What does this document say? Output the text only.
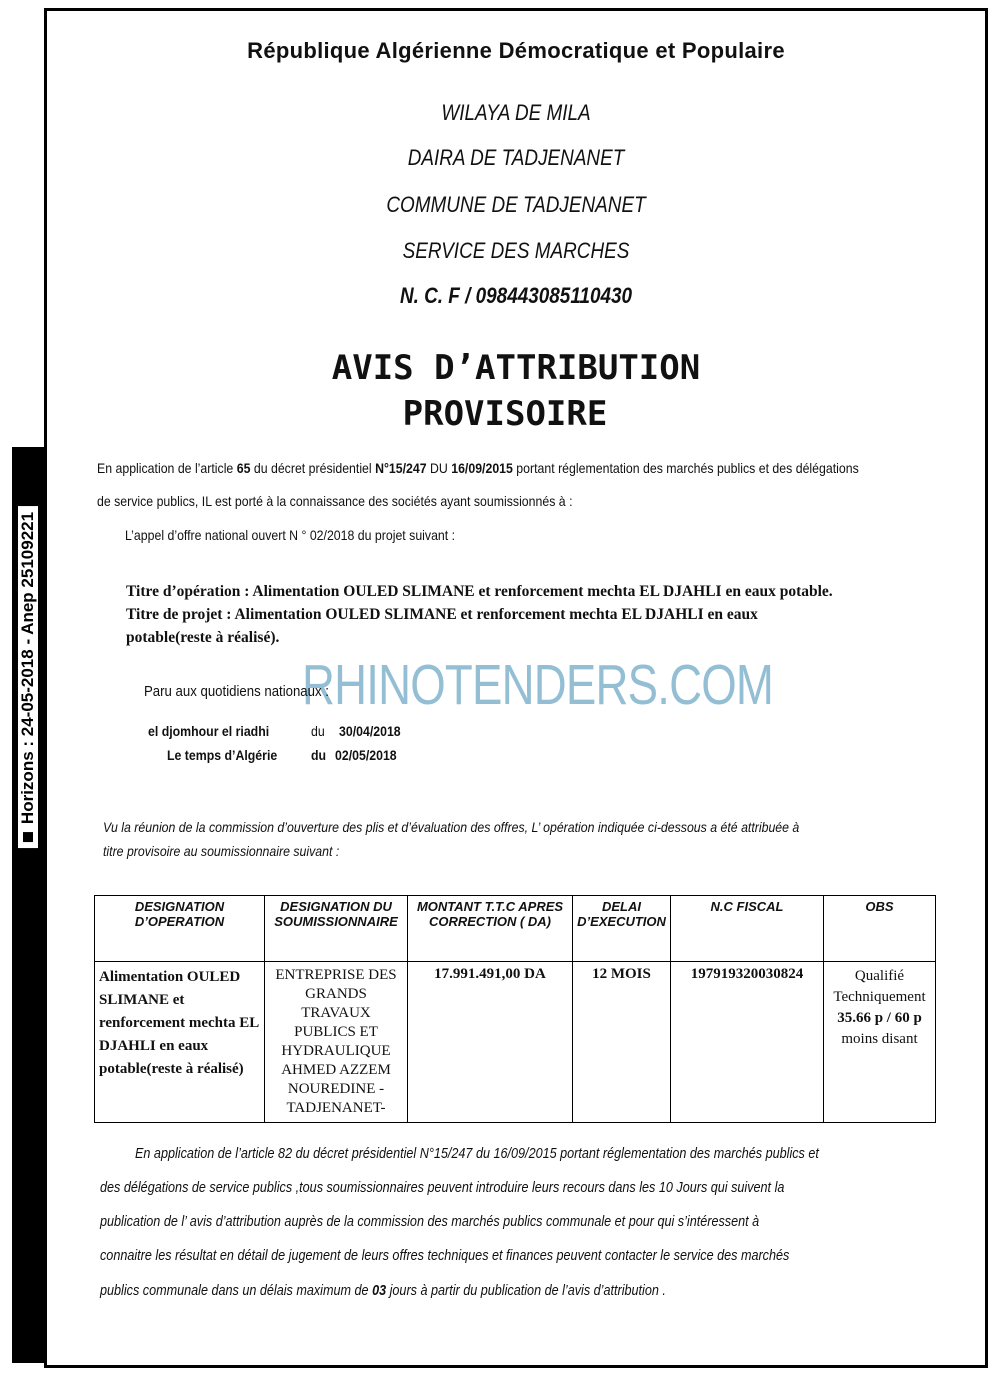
Horizons : 24-05-2018 - Anep 25109221
République Algérienne Démocratique et Populaire
WILAYA DE MILA
DAIRA DE TADJENANET
COMMUNE DE TADJENANET
SERVICE DES MARCHES
N. C. F / 098443085110430
AVIS D’ATTRIBUTION
PROVISOIRE
En application de l’article 65 du décret présidentiel N°15/247 DU 16/09/2015 portant réglementation des marchés publics et des délégations
de service publics, IL est porté à la connaissance des sociétés ayant soumissionnés à :
L’appel d’offre national ouvert N ° 02/2018 du projet suivant :
Titre d’opération : Alimentation OULED SLIMANE et renforcement mechta EL DJAHLI en eaux potable.
Titre de projet : Alimentation OULED SLIMANE et renforcement mechta EL DJAHLI en eaux
potable(reste à réalisé).
RHINOTENDERS.COM
Paru aux quotidiens nationaux :
el djomhour el riadhi	du 30/04/2018
Le temps d’Algérie du 02/05/2018
Vu la réunion de la commission d’ouverture des plis et d’évaluation des offres, L’ opération indiquée ci-dessous a été attribuée à
titre provisoire au soumissionnaire suivant :
DESIGNATION D’OPERATION	DESIGNATION DU SOUMISSIONNAIRE	MONTANT T.T.C APRES CORRECTION ( DA)	DELAI D’EXECUTION	N.C FISCAL	OBS
Alimentation OULED SLIMANE et renforcement mechta EL DJAHLI en eaux potable(reste à réalisé)	ENTREPRISE DES GRANDS TRAVAUX PUBLICS ET HYDRAULIQUE AHMED AZZEM NOUREDINE -TADJENANET-	17.991.491,00 DA	12 MOIS	197919320030824	Qualifié Techniquement
35.66 p / 60 p
moins disant
En application de l’article 82 du décret présidentiel N°15/247 du 16/09/2015 portant réglementation des marchés publics et
des délégations de service publics ,tous soumissionnaires peuvent introduire leurs recours dans les 10 Jours qui suivent la
publication de l’ avis d’attribution auprès de la commission des marchés publics communale et pour qui s’intéressent à
connaitre les résultat en détail de jugement de leurs offres techniques et finances peuvent contacter le service des marchés
publics communale dans un délais maximum de 03 jours à partir du publication de l’avis d’attribution .
